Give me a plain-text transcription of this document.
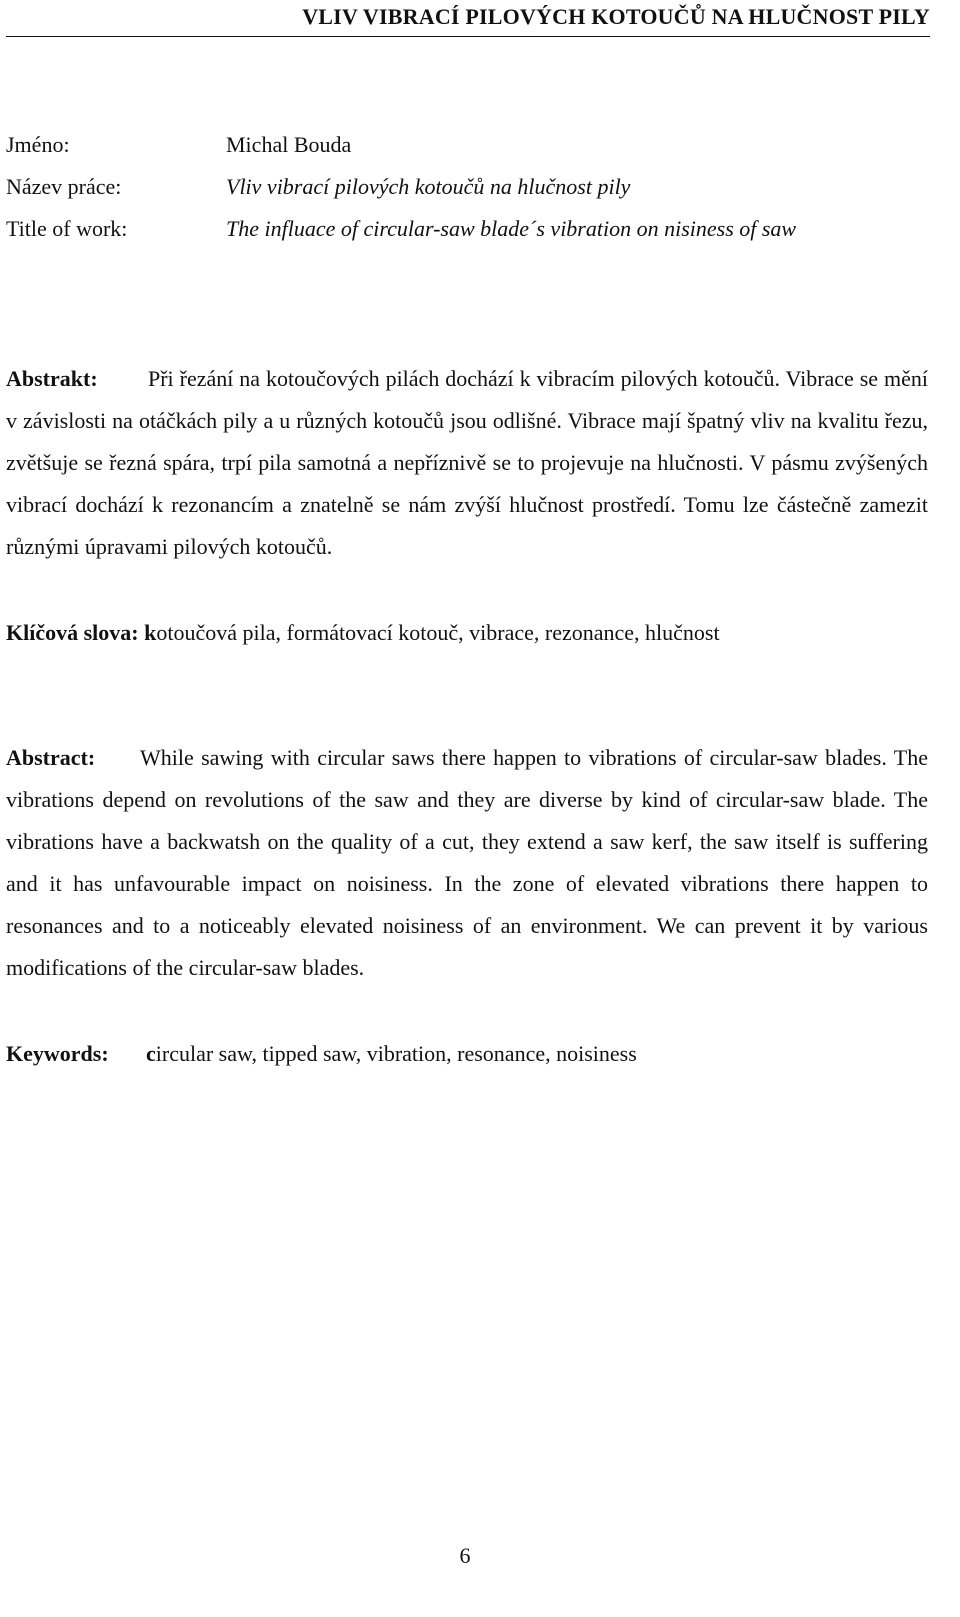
VLIV VIBRACÍ PILOVÝCH KOTOUČŮ NA HLUČNOST PILY
Jméno:	Michal Bouda
Název práce:	Vliv vibrací pilových kotoučů na hlučnost pily
Title of work:	The influace of circular-saw blade´s vibration on nisiness of saw
Abstrakt: Při řezání na kotoučových pilách dochází k vibracím pilových kotoučů. Vibrace se mění v závislosti na otáčkách pily a u různých kotoučů jsou odlišné. Vibrace mají špatný vliv na kvalitu řezu, zvětšuje se řezná spára, trpí pila samotná a nepříznivě se to projevuje na hlučnosti. V pásmu zvýšených vibrací dochází k rezonancím a znatelně se nám zvýší hlučnost prostředí. Tomu lze částečně zamezit různými úpravami pilových kotoučů.
Klíčová slova: kotoučová pila, formátovací kotouč, vibrace, rezonance, hlučnost
Abstract: While sawing with circular saws there happen to vibrations of circular-saw blades. The vibrations depend on revolutions of the saw and they are diverse by kind of circular-saw blade. The vibrations have a backwatsh on the quality of a cut, they extend a saw kerf, the saw itself is suffering and it has unfavourable impact on noisiness. In the zone of elevated vibrations there happen to resonances and to a noticeably elevated noisiness of an environment. We can prevent it by various modifications of the circular-saw blades.
Keywords: circular saw, tipped saw, vibration, resonance, noisiness
6
